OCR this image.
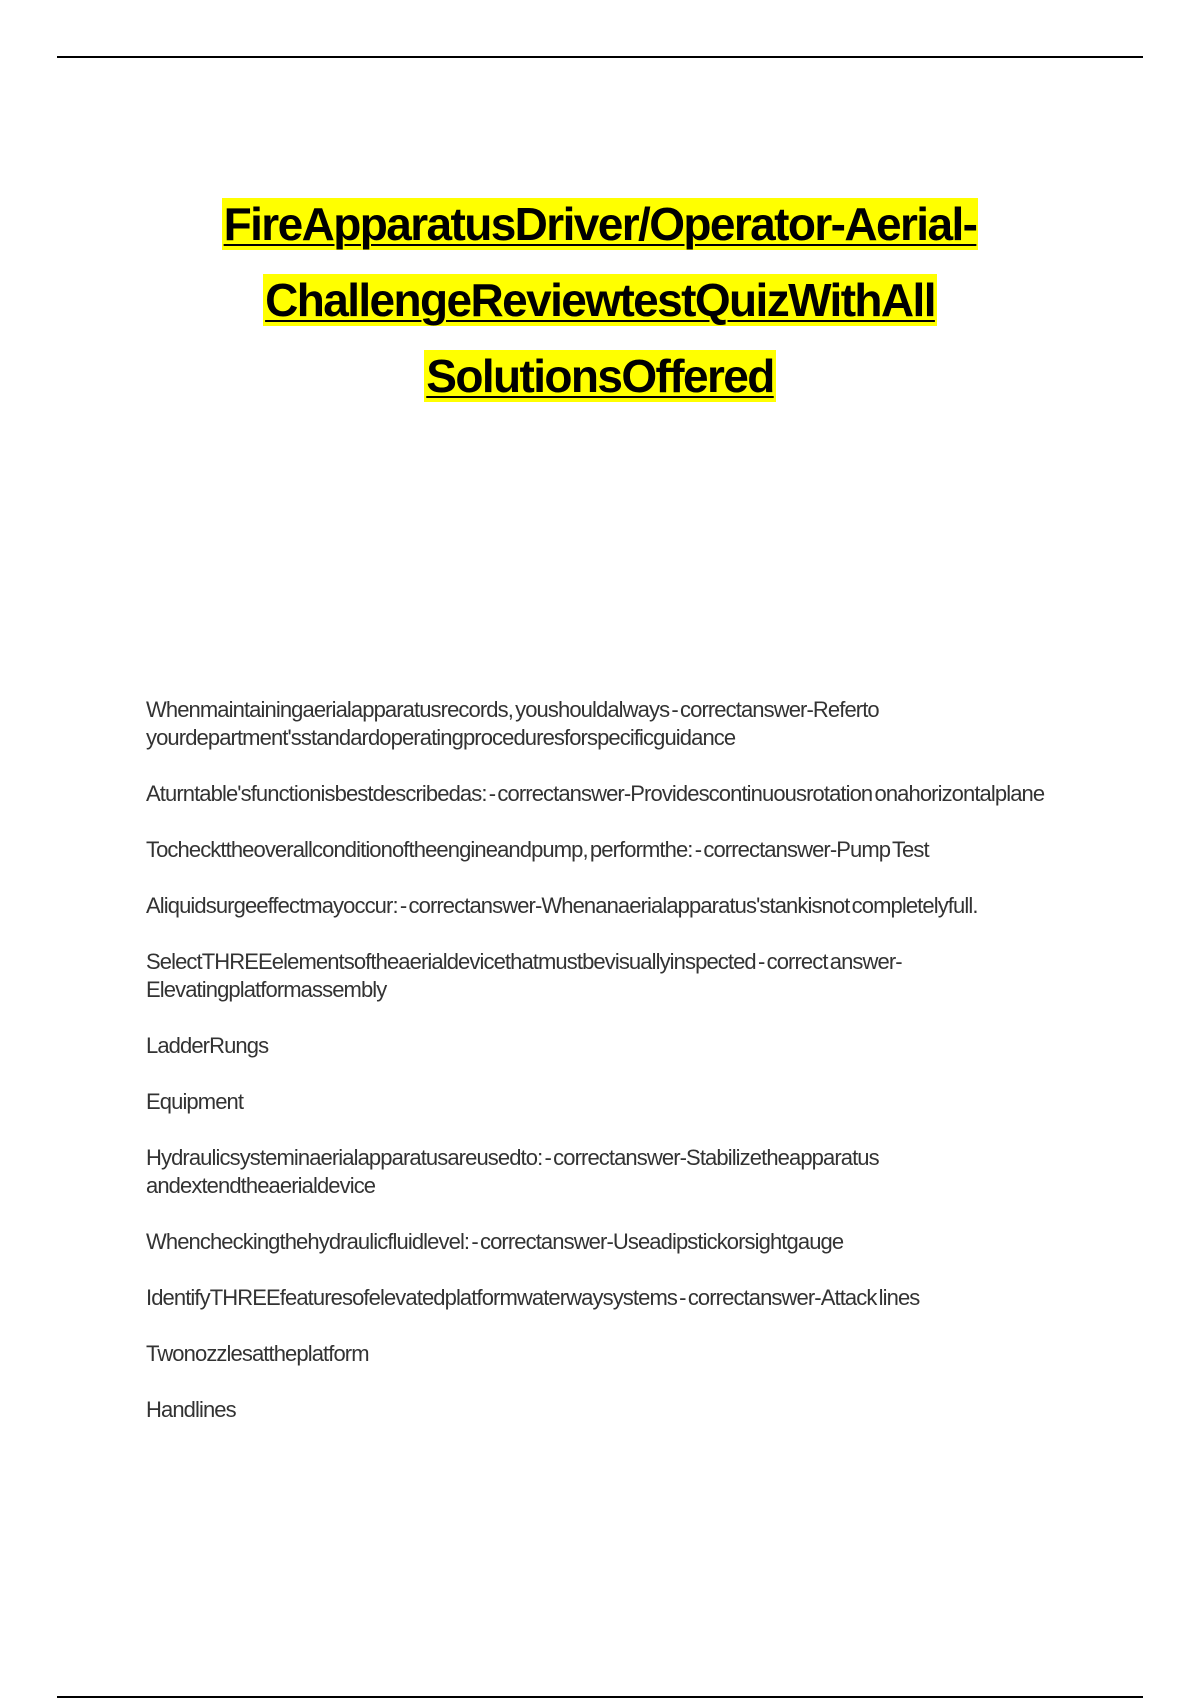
FireApparatusDriver/Operator-Aerial-
ChallengeReviewtestQuizWithAll
SolutionsOffered

Whenmaintainingaerialapparatusrecords, youshouldalways - correctanswer-Referto yourdepartment'sstandardoperatingproceduresforspecificguidance

Aturntable'sfunctionisbestdescribedas: - correctanswer-Providescontinuousrotation onahorizontalplane

Tocheckttheoverallconditionoftheengineandpump, performthe: - correctanswer-Pump Test

Aliquidsurgeeffectmayoccur: - correctanswer-Whenanaerialapparatus'stankisnot completelyfull.

SelectTHREEelementsoftheaerialdevicethatmustbevisuallyinspected - correct answer-Elevatingplatformassembly

LadderRungs

Equipment

Hydraulicsysteminaerialapparatusareusedto: - correctanswer-Stabilizetheapparatus andextendtheaerialdevice

Whencheckingthehydraulicfluidlevel: - correctanswer-Useadipstickorsightgauge

IdentifyTHREEfeaturesofelevatedplatformwaterwaysystems - correctanswer-Attack lines

Twonozzlesattheplatform

Handlines
